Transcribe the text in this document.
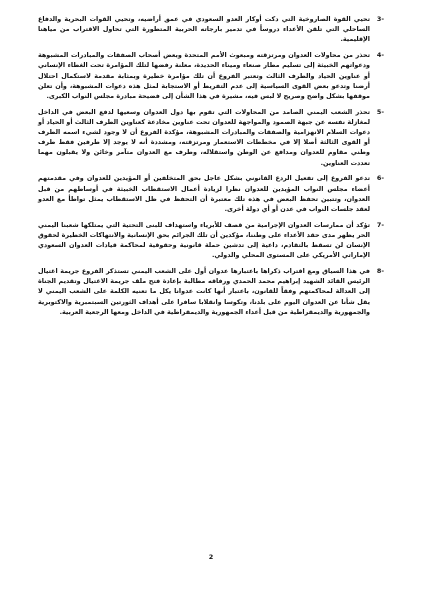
3-
تحيي القوة الصاروخية التي دكت أوكار العدو السعودي في عمق أراضيه، وتحيي القوات البحرية والدفاع الساحلي التي تلقن الأعداء دروساً في تدمير بارجاته الحربية المتطورة التي تحاول الاقتراب من مياهنا الإقليمية.
4-
تحذر من محاولات العدوان ومرتزقته ومبعوث الأمم المتحدة وبعض أصحاب الصفقات والمبادرات المشبوهة ودعواتهم الخبيثة إلى تسليم مطار صنعاء وميناء الحديدة، معلنة رفضها لتلك المؤامرة تحت الغطاء الإنساني أو عناوين الحياد والطرف الثالث وتعتبر الفروع أن تلك مؤامرة خطيرة وبمثابة مقدمة لاستكمال احتلال أرضنا وتدعو بعض القوى السياسية إلى عدم التفريط أو الاستجابة لمثل هذه دعوات المشبوهة، وأن تعلن موقفها بشكل واضح وصريح لا لبس فيه، مشيرة في هذا الشأن إلى فضيحة مبادرة مجلس النواب الكبرى.
5-
تحذر الشعب اليمني الصامد من المحاولات التي تقوم بها دول العدوان وسعيها لدفع البعض في الداخل لمغازلة نفسه عن جبهة الصمود والمواجهة للعدوان تحت عناوين مخادعة كعناوين الطرف الثالث أو الحياد أو دعوات السلام الانهزامية والصفقات والمبادرات المشبوهة، مؤكدة الفروع أن لا وجود لشيء اسمه الطرف أو القوى الثالثة أصلا إلا في مخططات الاستعمار ومرتزقته، ومشددة أنه لا يوجد إلا طرفين فقط طرف وطني مقاوم للعدوان ومدافع عن الوطن واستقلاله، وطرف مع العدوان متآمر وخائن ولا يقبلون مهما تعددت العناوين.
6-
تدعو الفروع إلى تفعيل الردع القانوني بشكل عاجل بحق المتخلفين أو المؤيدين للعدوان وفي مقدمتهم أعضاء مجلس النواب المؤيدين للعدوان نظرا لزيادة أعمال الاستقطاب الخبيثة في أوساطهم من قبل العدوان، وتتبين تحفظ البعض في هذه تلك معتبرة أن التحفظ في ظل الاستقطاب يمثل تواطأ مع العدو لعقد جلسات النواب في عدن أو أي دولة أخرى.
7-
تؤكد أن ممارسات العدوان الإجرامية من قصف للأبرياء واستهداف للبنى التحتية التي يمتلكها شعبنا اليمني الحر يظهر مدى حقد الأعداء على وطننا، مؤكدين أن تلك الجرائم بحق الإنسانية والانتهاكات الخطيرة لحقوق الإنسان لن تسقط بالتقادم، داعية إلى تدشين حملة قانونية وحقوقية لمحاكمة قيادات العدوان السعودي الإماراتي الأمريكي على المستوى المحلي والدولي.
8-
في هذا السياق ومع اقتراب ذكراها باعتبارها عدوان أول على الشعب اليمني تستذكر الفروع جريمة اغتيال الرئيس القائد الشهيد إبراهيم محمد الحمدي ورفاقه مطالبة بإعادة فتح ملف جريمة الاغتيال وتقديم الجناة إلى العدالة لمحاكمتهم وفقاً للقانون، باعتبار أنها كانت عدوانا يكل ما تعنيه الكلمة على الشعب اليمني لا يقل شأنا عن العدوان اليوم على بلدنا، وتكوسا وانقلابا سافرا على أهداف الثورتين السبتمبرية والاكتوبرية والجمهورية والديمقراطية من قبل أعداء الجمهورية والديمقراطية في الداخل ومعها الرجعية العربية.
2
